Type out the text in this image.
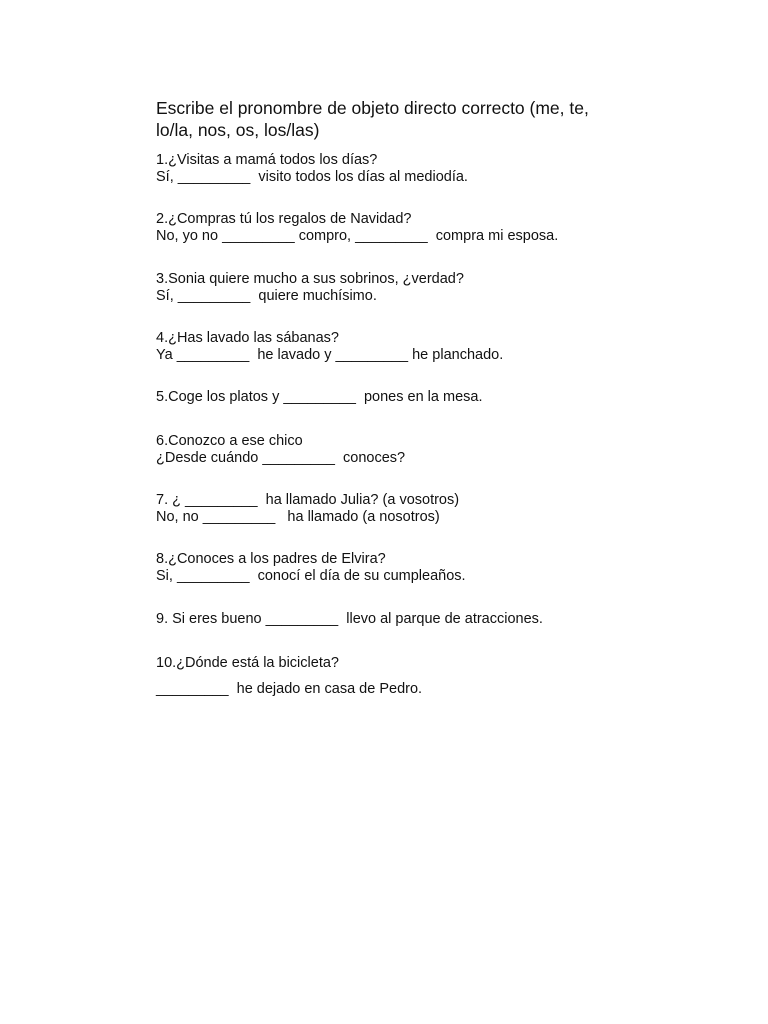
Escribe el pronombre de objeto directo correcto (me, te, lo/la, nos, os, los/las)

1.¿Visitas a mamá todos los días?

Sí, _________  visito todos los días al mediodía.

2.¿Compras tú los regalos de Navidad?

No, yo no _________ compro, _________  compra mi esposa.

3.Sonia quiere mucho a sus sobrinos, ¿verdad?

Sí, _________  quiere muchísimo.

4.¿Has lavado las sábanas?

Ya _________  he lavado y _________ he planchado.

5.Coge los platos y _________  pones en la mesa.

6.Conozco a ese chico

¿Desde cuándo _________  conoces?

7. ¿ _________  ha llamado Julia? (a vosotros)

No, no _________   ha llamado (a nosotros)

8.¿Conoces a los padres de Elvira?

Si, _________  conocí el día de su cumpleaños.

9. Si eres bueno _________  llevo al parque de atracciones.

10.¿Dónde está la bicicleta?

_________  he dejado en casa de Pedro.
